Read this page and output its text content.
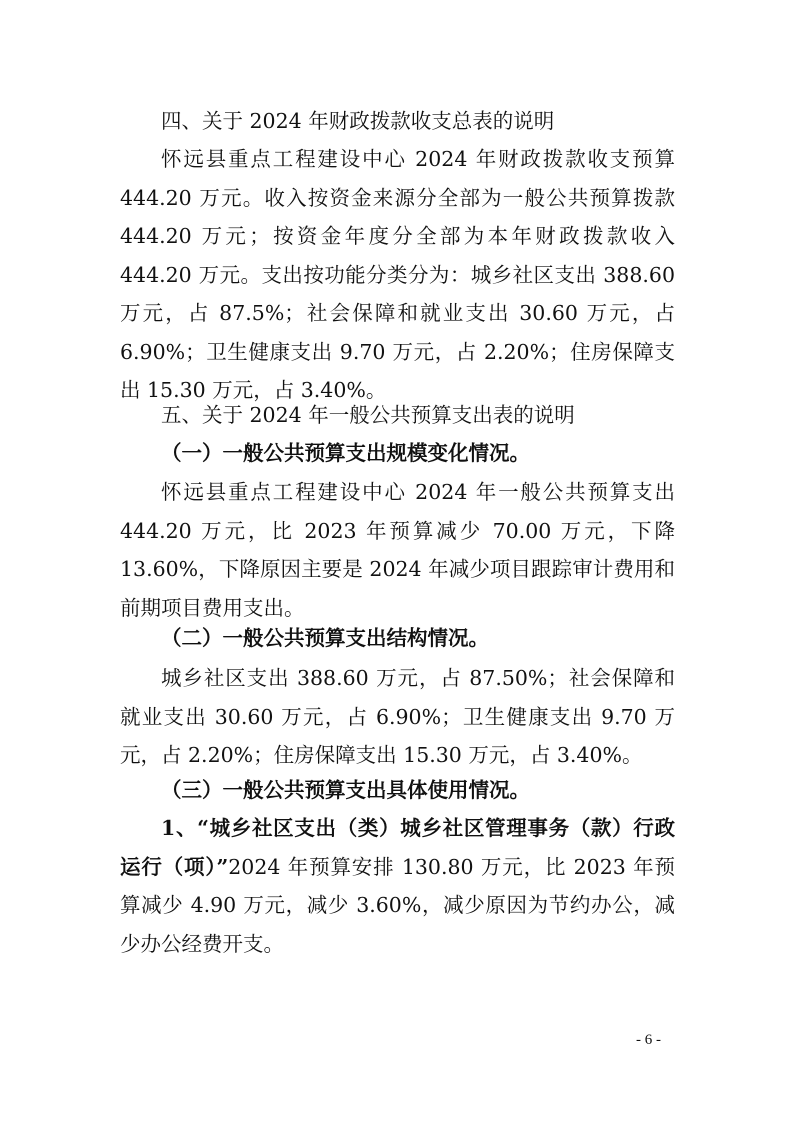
四、关于 2024 年财政拨款收支总表的说明

怀远县重点工程建设中心 2024 年财政拨款收支预算 444.20 万元。收入按资金来源分全部为一般公共预算拨款 444.20 万元；按资金年度分全部为本年财政拨款收入 444.20 万元。支出按功能分类分为：城乡社区支出 388.60 万元，占 87.5%；社会保障和就业支出 30.60 万元，占 6.90%；卫生健康支出 9.70 万元，占 2.20%；住房保障支出 15.30 万元，占 3.40%。

五、关于 2024 年一般公共预算支出表的说明

（一）一般公共预算支出规模变化情况。

怀远县重点工程建设中心 2024 年一般公共预算支出 444.20 万元，比 2023 年预算减少 70.00 万元，下降 13.60%，下降原因主要是 2024 年减少项目跟踪审计费用和前期项目费用支出。

（二）一般公共预算支出结构情况。

城乡社区支出 388.60 万元，占 87.50%；社会保障和就业支出 30.60 万元，占 6.90%；卫生健康支出 9.70 万元，占 2.20%；住房保障支出 15.30 万元，占 3.40%。

（三）一般公共预算支出具体使用情况。

1、“城乡社区支出（类）城乡社区管理事务（款）行政运行（项）”2024 年预算安排 130.80 万元，比 2023 年预算减少 4.90 万元，减少 3.60%，减少原因为节约办公，减少办公经费开支。

- 6 -
